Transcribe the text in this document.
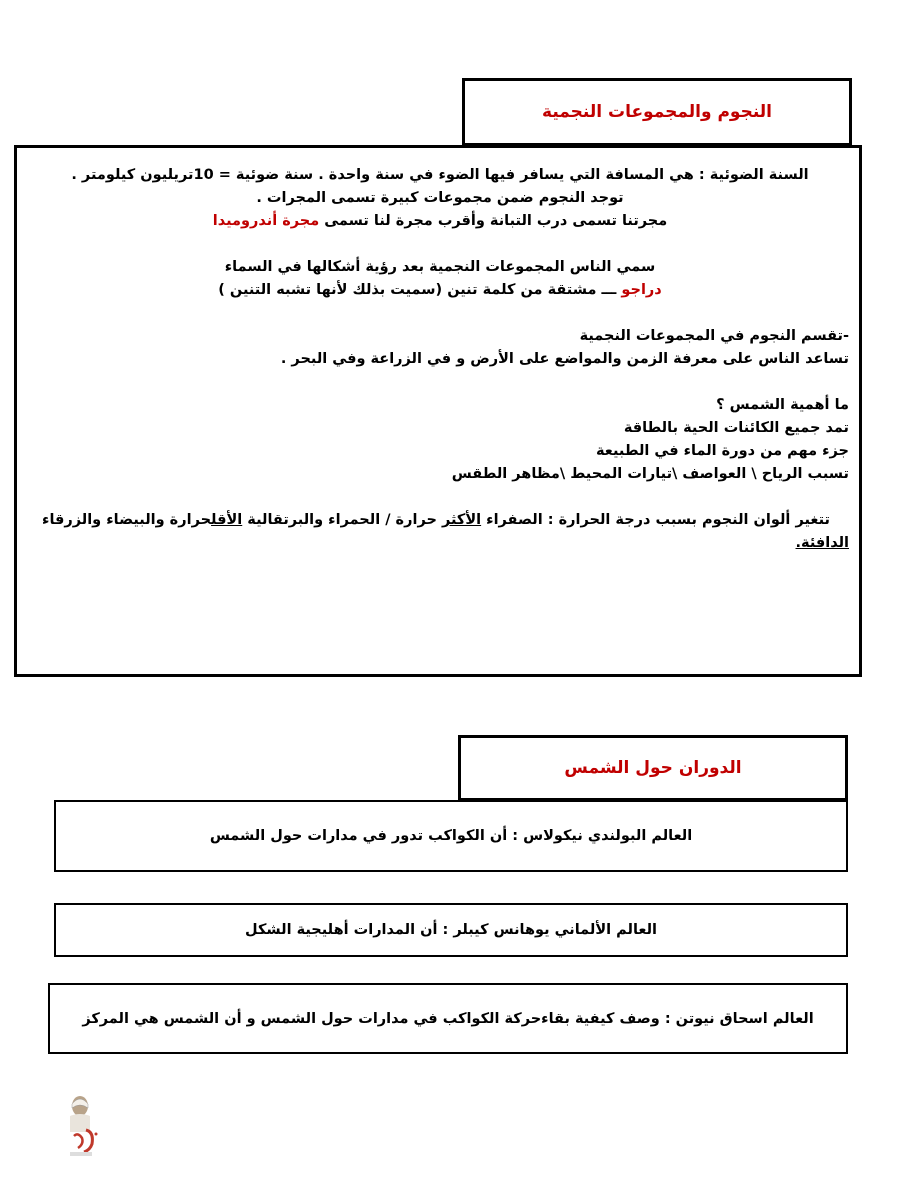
النجوم والمجموعات النجمية

السنة الضوئية : هي المسافة التي يسافر فيها الضوء في سنة واحدة . سنة ضوئية = 10تريليون كيلومتر .

توجد النجوم ضمن مجموعات كبيرة تسمى المجرات .

مجرتنا تسمى درب التبانة وأقرب مجرة لنا تسمى مجرة أندروميدا

سمي الناس المجموعات النجمية بعد رؤية أشكالها في السماء

دراجو ـــ مشتقة من كلمة تنين (سميت بذلك لأنها تشبه التنين )

-تقسم النجوم في المجموعات النجمية

تساعد الناس على معرفة الزمن والمواضع على الأرض و في الزراعة وفي البحر .

ما أهمية الشمس ؟

تمد جميع الكائنات الحية بالطاقة

جزء مهم من دورة الماء في الطبيعة

تسبب الرياح \ العواصف \تيارات المحيط \مظاهر الطقس

تتغير ألوان النجوم بسبب درجة الحرارة : الصفراء الأكثر حرارة / الحمراء والبرتقالية الأقلحرارة والبيضاء والزرقاء الدافئة.

الدوران حول الشمس
العالم البولندي نيكولاس : أن الكواكب تدور في مدارات حول الشمس
العالم الألماني يوهانس كيبلر : أن المدارات أهليجية الشكل
العالم اسحاق نيوتن : وصف كيفية بقاءحركة الكواكب في مدارات حول الشمس و أن الشمس هي المركز
